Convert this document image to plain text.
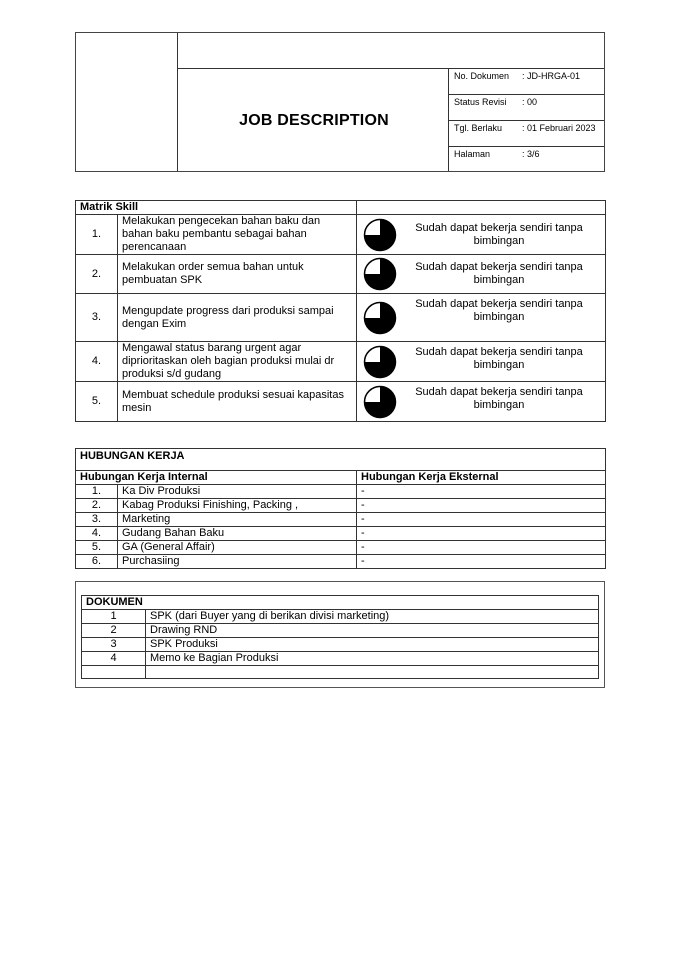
JOB DESCRIPTION
No. Dokumen : JD-HRGA-01
Status Revisi : 00
Tgl. Berlaku : 01 Februari 2023
Halaman	: 3/6
Matrik Skill		
1.	Melakukan pengecekan bahan baku dan bahan baku pembantu sebagai bahan perencanaan	Sudah dapat bekerja sendiri tanpa bimbingan

2.	Melakukan order semua bahan untuk pembuatan SPK	Sudah dapat bekerja sendiri tanpa bimbingan

3.	Mengupdate progress dari produksi sampai dengan Exim	Sudah dapat bekerja sendiri tanpa bimbingan

4.	Mengawal status barang urgent agar diprioritaskan oleh bagian produksi mulai dr produksi s/d gudang	Sudah dapat bekerja sendiri tanpa bimbingan

5.	Membuat schedule produksi sesuai kapasitas mesin	Sudah dapat bekerja sendiri tanpa bimbingan
HUBUNGAN KERJA		
Hubungan Kerja Internal		Hubungan Kerja Eksternal
1.	Ka Div Produksi	-
2.	Kabag Produksi Finishing, Packing ,	-
3.	Marketing	-
4.	Gudang Bahan Baku	-
5.	GA (General Affair)	-
6.	Purchasiing	-
DOKUMEN	
1	SPK (dari Buyer yang di berikan divisi marketing)
2	Drawing RND
3	SPK Produksi
4	Memo ke Bagian Produksi
